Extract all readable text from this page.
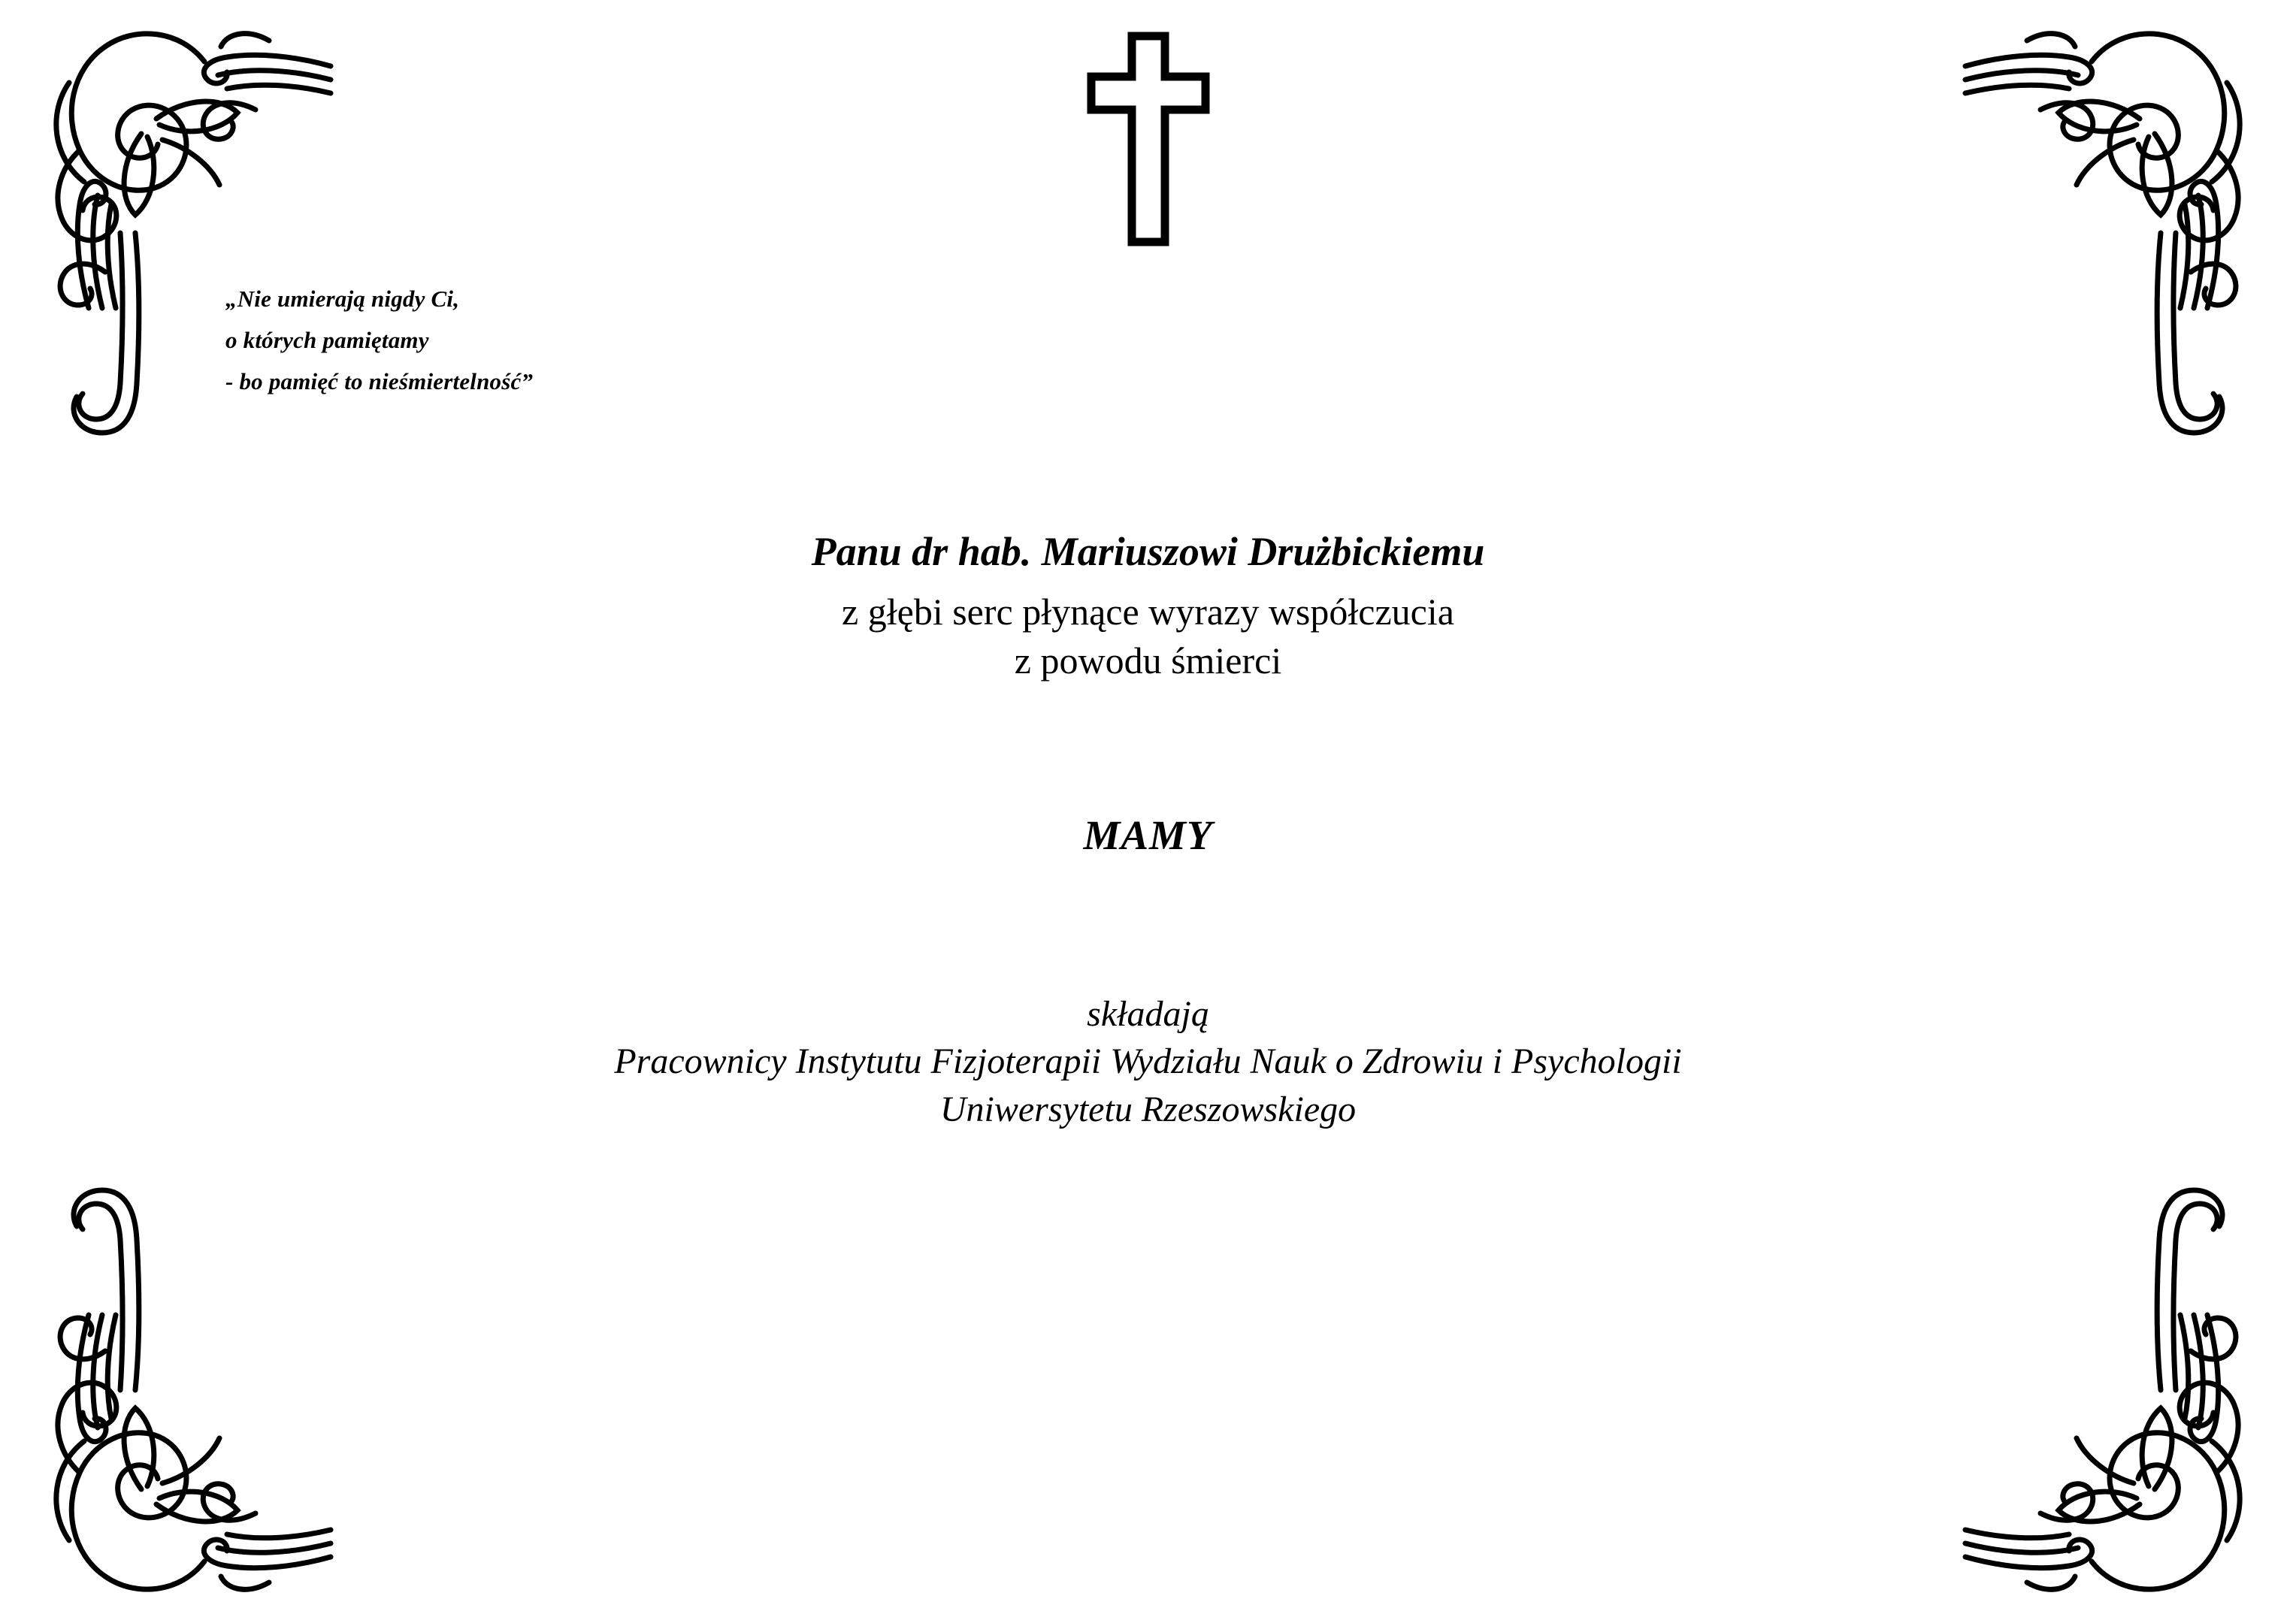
„Nie umierają nigdy Ci,
o których pamiętamy
- bo pamięć to nieśmiertelność”
Panu dr hab. Mariuszowi Drużbickiemu
z głębi serc płynące wyrazy współczucia
z powodu śmierci
MAMY
składają
Pracownicy Instytutu Fizjoterapii Wydziału Nauk o Zdrowiu i Psychologii
Uniwersytetu Rzeszowskiego
